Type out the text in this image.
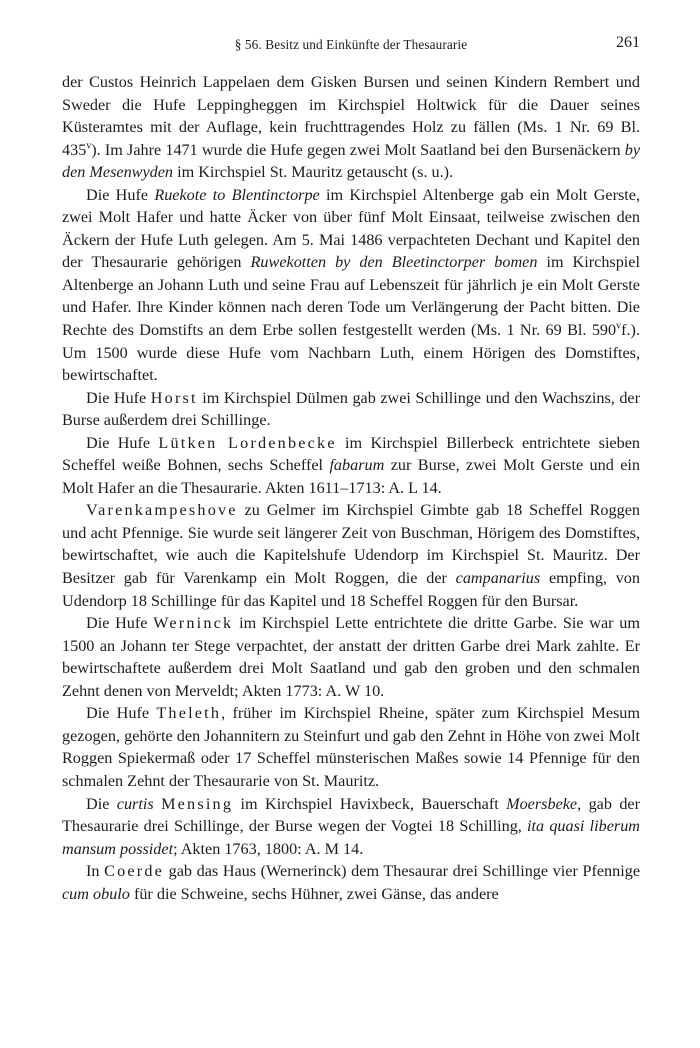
§ 56. Besitz und Einkünfte der Thesaurarie	261

der Custos Heinrich Lappelaen dem Gisken Bursen und seinen Kindern Rembert und Sweder die Hufe Leppingheggen im Kirchspiel Holtwick für die Dauer seines Küsteramtes mit der Auflage, kein fruchttragendes Holz zu fällen (Ms. 1 Nr. 69 Bl. 435$^v$). Im Jahre 1471 wurde die Hufe gegen zwei Molt Saatland bei den Bursenäckern by den Mesenwyden im Kirchspiel St. Mauritz getauscht (s. u.).

Die Hufe Ruekote to Blentinctorpe im Kirchspiel Altenberge gab ein Molt Gerste, zwei Molt Hafer und hatte Äcker von über fünf Molt Einsaat, teilweise zwischen den Äckern der Hufe Luth gelegen. Am 5. Mai 1486 verpachteten Dechant und Kapitel den der Thesaurarie gehörigen Ruwekotten by den Bleetinctorper bomen im Kirchspiel Altenberge an Johann Luth und seine Frau auf Lebenszeit für jährlich je ein Molt Gerste und Hafer. Ihre Kinder können nach deren Tode um Verlängerung der Pacht bitten. Die Rechte des Domstifts an dem Erbe sollen festgestellt werden (Ms. 1 Nr. 69 Bl. 590$^v$f.). Um 1500 wurde diese Hufe vom Nachbarn Luth, einem Hörigen des Domstiftes, bewirtschaftet.

Die Hufe Horst im Kirchspiel Dülmen gab zwei Schillinge und den Wachszins, der Burse außerdem drei Schillinge.

Die Hufe Lütken Lordenbecke im Kirchspiel Billerbeck entrichtete sieben Scheffel weiße Bohnen, sechs Scheffel fabarum zur Burse, zwei Molt Gerste und ein Molt Hafer an die Thesaurarie. Akten 1611–1713: A. L 14.

Varenkampeshove zu Gelmer im Kirchspiel Gimbte gab 18 Scheffel Roggen und acht Pfennige. Sie wurde seit längerer Zeit von Buschman, Hörigem des Domstiftes, bewirtschaftet, wie auch die Kapitelshufe Udendorp im Kirchspiel St. Mauritz. Der Besitzer gab für Varenkamp ein Molt Roggen, die der campanarius empfing, von Udendorp 18 Schillinge für das Kapitel und 18 Scheffel Roggen für den Bursar.

Die Hufe Werninck im Kirchspiel Lette entrichtete die dritte Garbe. Sie war um 1500 an Johann ter Stege verpachtet, der anstatt der dritten Garbe drei Mark zahlte. Er bewirtschaftete außerdem drei Molt Saatland und gab den groben und den schmalen Zehnt denen von Merveldt; Akten 1773: A. W 10.

Die Hufe Theleth, früher im Kirchspiel Rheine, später zum Kirchspiel Mesum gezogen, gehörte den Johannitern zu Steinfurt und gab den Zehnt in Höhe von zwei Molt Roggen Spiekermaß oder 17 Scheffel münsterischen Maßes sowie 14 Pfennige für den schmalen Zehnt der Thesaurarie von St. Mauritz.

Die curtis Mensing im Kirchspiel Havixbeck, Bauerschaft Moersbeke, gab der Thesaurarie drei Schillinge, der Burse wegen der Vogtei 18 Schilling, ita quasi liberum mansum possidet; Akten 1763, 1800: A. M 14.

In Coerde gab das Haus (Wernerinck) dem Thesaurar drei Schillinge vier Pfennige cum obulo für die Schweine, sechs Hühner, zwei Gänse, das andere
